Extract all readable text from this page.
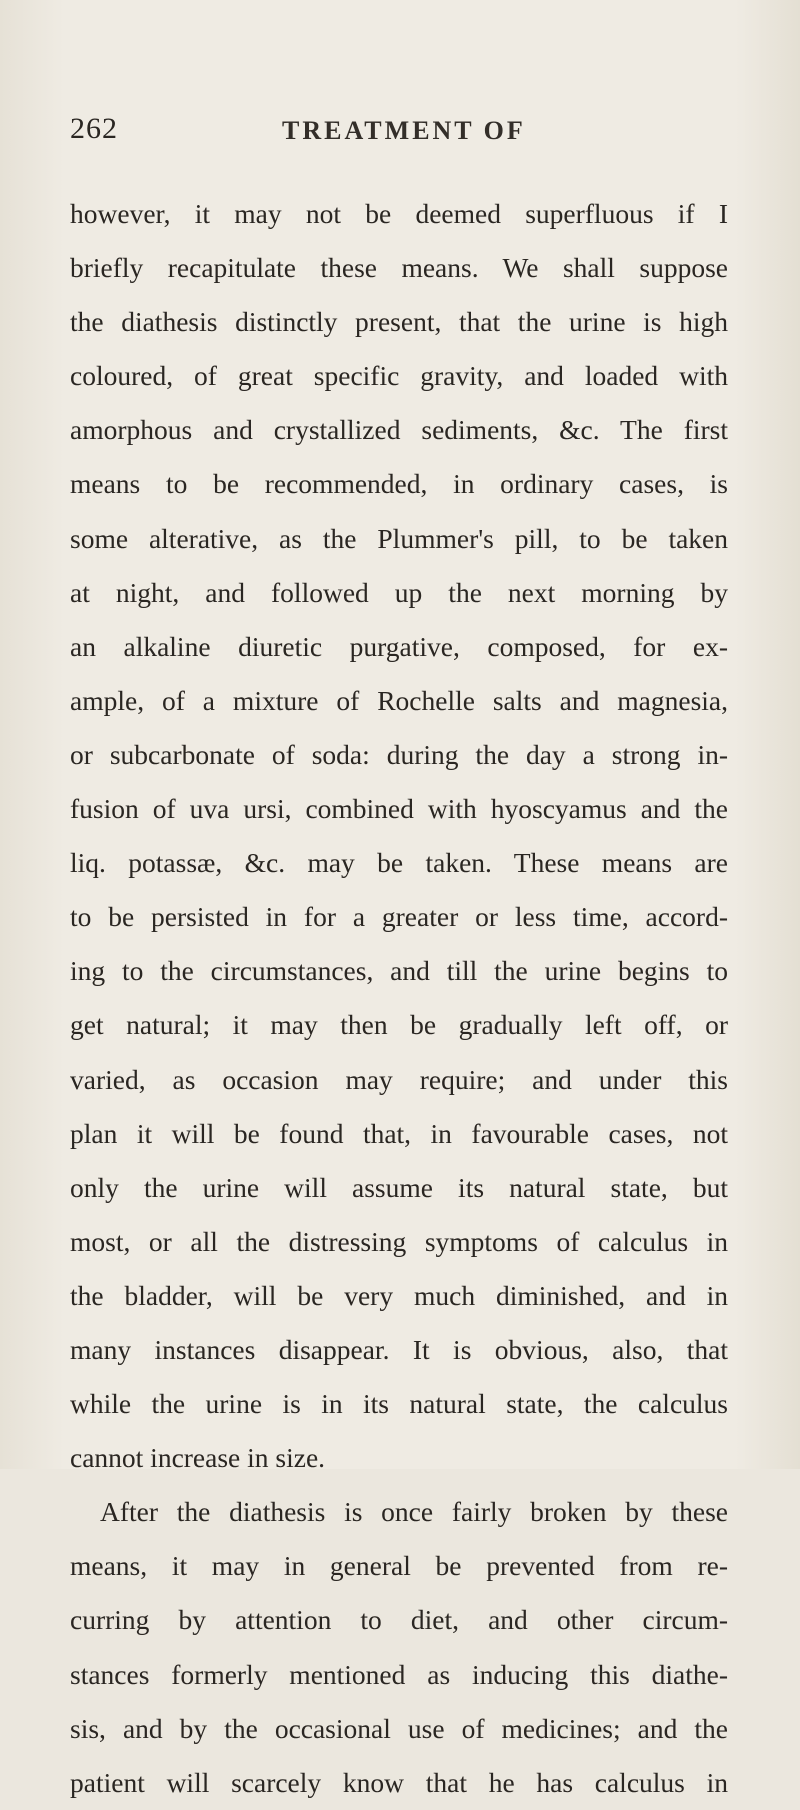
262	TREATMENT OF
however, it may not be deemed superfluous if I
briefly recapitulate these means. We shall suppose
the diathesis distinctly present, that the urine is high
coloured, of great specific gravity, and loaded with
amorphous and crystallized sediments, &c. The first
means to be recommended, in ordinary cases, is
some alterative, as the Plummer's pill, to be taken
at night, and followed up the next morning by
an alkaline diuretic purgative, composed, for ex-
ample, of a mixture of Rochelle salts and magnesia,
or subcarbonate of soda: during the day a strong in-
fusion of uva ursi, combined with hyoscyamus and the
liq. potassæ, &c. may be taken. These means are
to be persisted in for a greater or less time, accord-
ing to the circumstances, and till the urine begins to
get natural; it may then be gradually left off, or
varied, as occasion may require; and under this
plan it will be found that, in favourable cases, not
only the urine will assume its natural state, but
most, or all the distressing symptoms of calculus in
the bladder, will be very much diminished, and in
many instances disappear. It is obvious, also, that
while the urine is in its natural state, the calculus
cannot increase in size.
After the diathesis is once fairly broken by these
means, it may in general be prevented from re-
curring by attention to diet, and other circum-
stances formerly mentioned as inducing this diathe-
sis, and by the occasional use of medicines; and the
patient will scarcely know that he has calculus in
